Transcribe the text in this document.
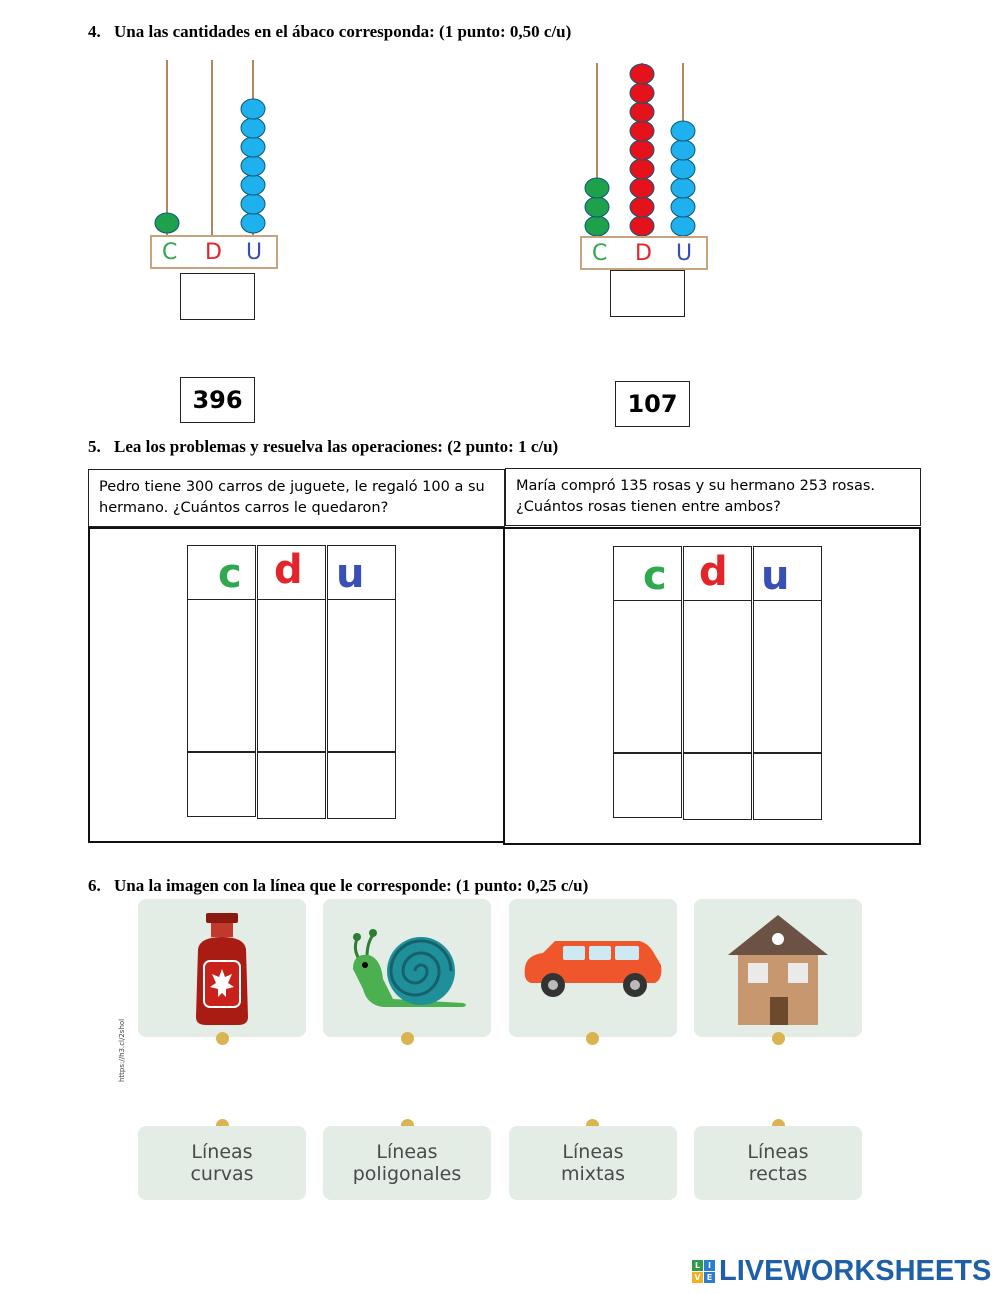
4. Una las cantidades en el ábaco corresponda: (1 punto: 0,50 c/u)
C D U	C D U
396	107
5. Lea los problemas y resuelva las operaciones: (2 punto: 1 c/u)
Pedro tiene 300 carros de juguete, le regaló 100 a su hermano. ¿Cuántos carros le quedaron?
María compró 135 rosas y su hermano 253 rosas. ¿Cuántos rosas tienen entre ambos?
c d u	c d u
6. Una la imagen con la línea que le corresponde: (1 punto: 0,25 c/u)
https://h3.cl/2shol
Líneas
curvas
Líneas
poligonales
Líneas
mixtas
Líneas
rectas
L I
V E LIVEWORKSHEETS
